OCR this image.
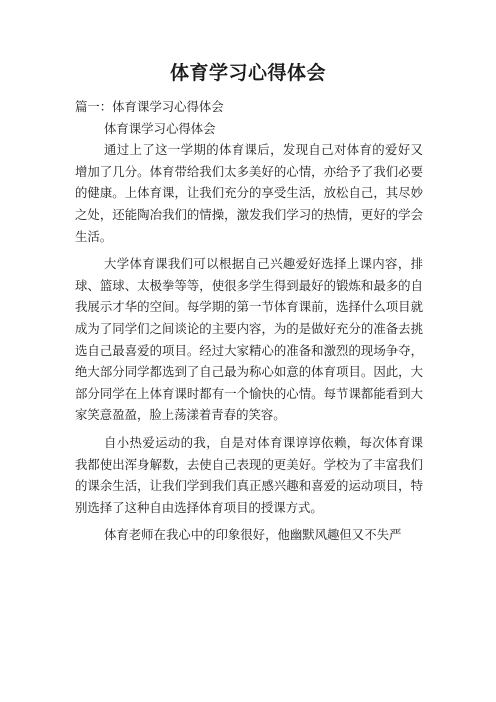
体育学习心得体会

篇一：体育课学习心得体会

体育课学习心得体会

通过上了这一学期的体育课后，发现自己对体育的爱好又增加了几分。体育带给我们太多美好的心情，亦给予了我们必要的健康。上体育课，让我们充分的享受生活，放松自己，其尽妙之处，还能陶冶我们的情操，激发我们学习的热情，更好的学会生活。

大学体育课我们可以根据自己兴趣爱好选择上课内容，排球、篮球、太极拳等等，使很多学生得到最好的锻炼和最多的自我展示才华的空间。每学期的第一节体育课前，选择什么项目就成为了同学们之间谈论的主要内容，为的是做好充分的准备去挑选自己最喜爱的项目。经过大家精心的准备和激烈的现场争夺，绝大部分同学都选到了自己最为称心如意的体育项目。因此，大部分同学在上体育课时都有一个愉快的心情。每节课都能看到大家笑意盈盈，脸上荡漾着青春的笑容。

自小热爱运动的我，自是对体育课谆谆依赖，每次体育课我都使出浑身解数，去使自己表现的更美好。学校为了丰富我们的课余生活，让我们学到我们真正感兴趣和喜爱的运动项目，特别选择了这种自由选择体育项目的授课方式。

体育老师在我心中的印象很好，他幽默风趣但又不失严
